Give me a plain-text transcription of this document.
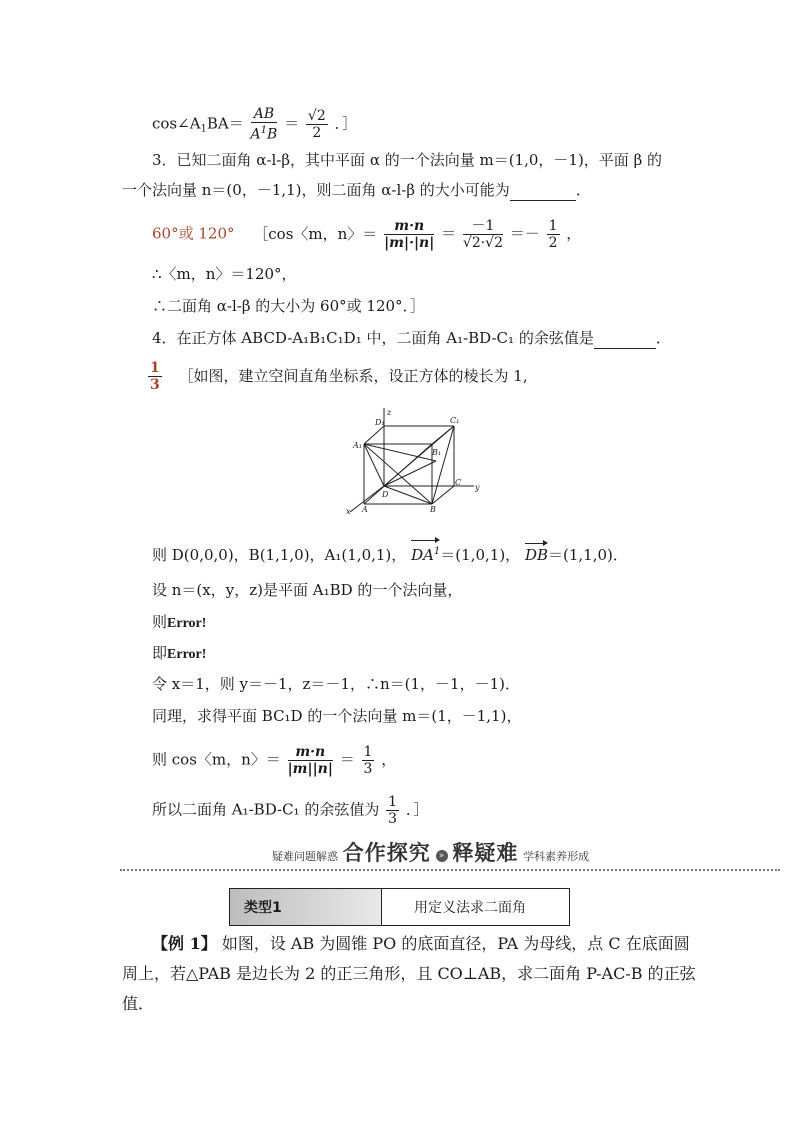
$\cos\angle A_1BA= \frac{AB}{A^1B} = \frac{√2}{2}$ ．］
3．已知二面角 α-l-β，其中平面 α 的一个法向量 m＝(1,0，－1)，平面 β 的
一个法向量 n＝(0，－1,1)，则二面角 α-l-β 的大小可能为	．
60°或 120° ［cos〈m，n〉＝ $\frac{m\cdot n}{|m|\cdot|n|} = \frac{-1}{√2\cdot√2} =- \frac{1}{2}$ ，
∴〈m，n〉＝120°，
∴二面角 α-l-β 的大小为 60°或 120°．］
4．在正方体 ABCD-A₁B₁C₁D₁ 中，二面角 A₁-BD-C₁ 的余弦值是	．
$\frac{1}{3}$ ［如图，建立空间直角坐标系，设正方体的棱长为 1,
z
y
x
D₁	C₁
A₁
B₁
C
D
A	B
则 D(0,0,0)，B(1,1,0)，A₁(1,0,1)， $DA^1=(1,0,1)$， DB＝(1,1,0)．
设 n＝(x，y，z)是平面 A₁BD 的一个法向量，
则Error!
即Error!
令 x＝1，则 y＝－1，z＝－1，∴n＝(1，－1，－1)．
同理，求得平面 BC₁D 的一个法向量 m＝(1，－1,1)，
则 cos〈m，n〉＝ $\frac{m\cdot n}{|m||n|} = \frac{1}{3}$ ，
所以二面角 A₁-BD-C₁ 的余弦值为 $\frac{1}{3}$ ．］
疑难问题解惑 合作探究 » 释疑难 学科素养形成
类型1	用定义法求二面角
【例 1】 如图，设 AB 为圆锥 PO 的底面直径，PA 为母线，点 C 在底面圆
周上，若△PAB 是边长为 2 的正三角形，且 CO⊥AB，求二面角 P-AC-B 的正弦
值．
